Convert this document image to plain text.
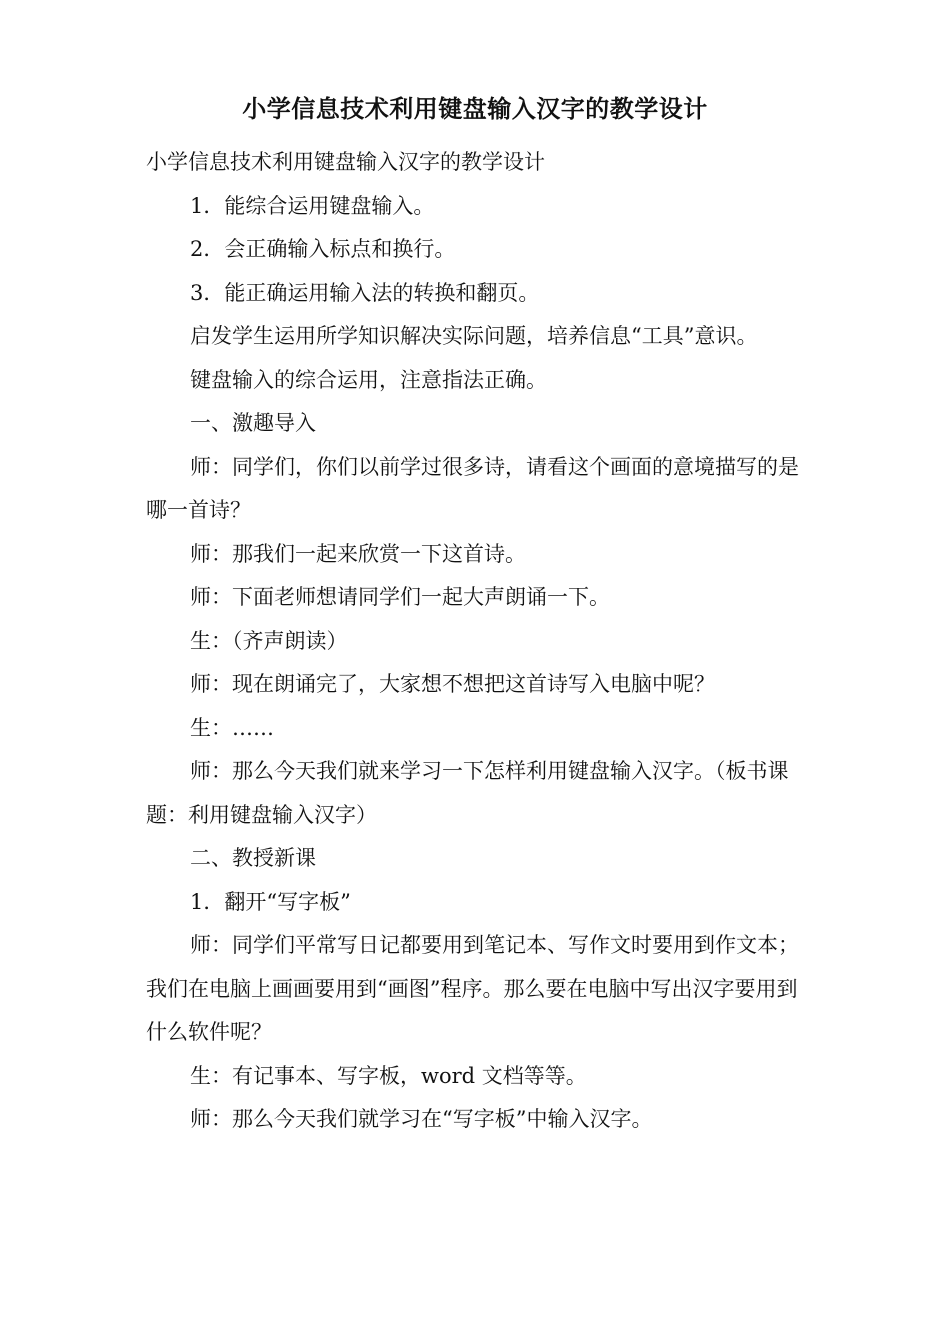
小学信息技术利用键盘输入汉字的教学设计

小学信息技术利用键盘输入汉字的教学设计

1．能综合运用键盘输入。

2．会正确输入标点和换行。

3．能正确运用输入法的转换和翻页。

启发学生运用所学知识解决实际问题，培养信息“工具”意识。

键盘输入的综合运用，注意指法正确。

一、激趣导入

师：同学们，你们以前学过很多诗，请看这个画面的意境描写的是哪一首诗？

师：那我们一起来欣赏一下这首诗。

师：下面老师想请同学们一起大声朗诵一下。

生：（齐声朗读）

师：现在朗诵完了，大家想不想把这首诗写入电脑中呢？

生：……

师：那么今天我们就来学习一下怎样利用键盘输入汉字。（板书课题：利用键盘输入汉字）

二、教授新课

1．翻开“写字板”

师：同学们平常写日记都要用到笔记本、写作文时要用到作文本；我们在电脑上画画要用到“画图”程序。那么要在电脑中写出汉字要用到什么软件呢？

生：有记事本、写字板，word 文档等等。

师：那么今天我们就学习在“写字板”中输入汉字。
